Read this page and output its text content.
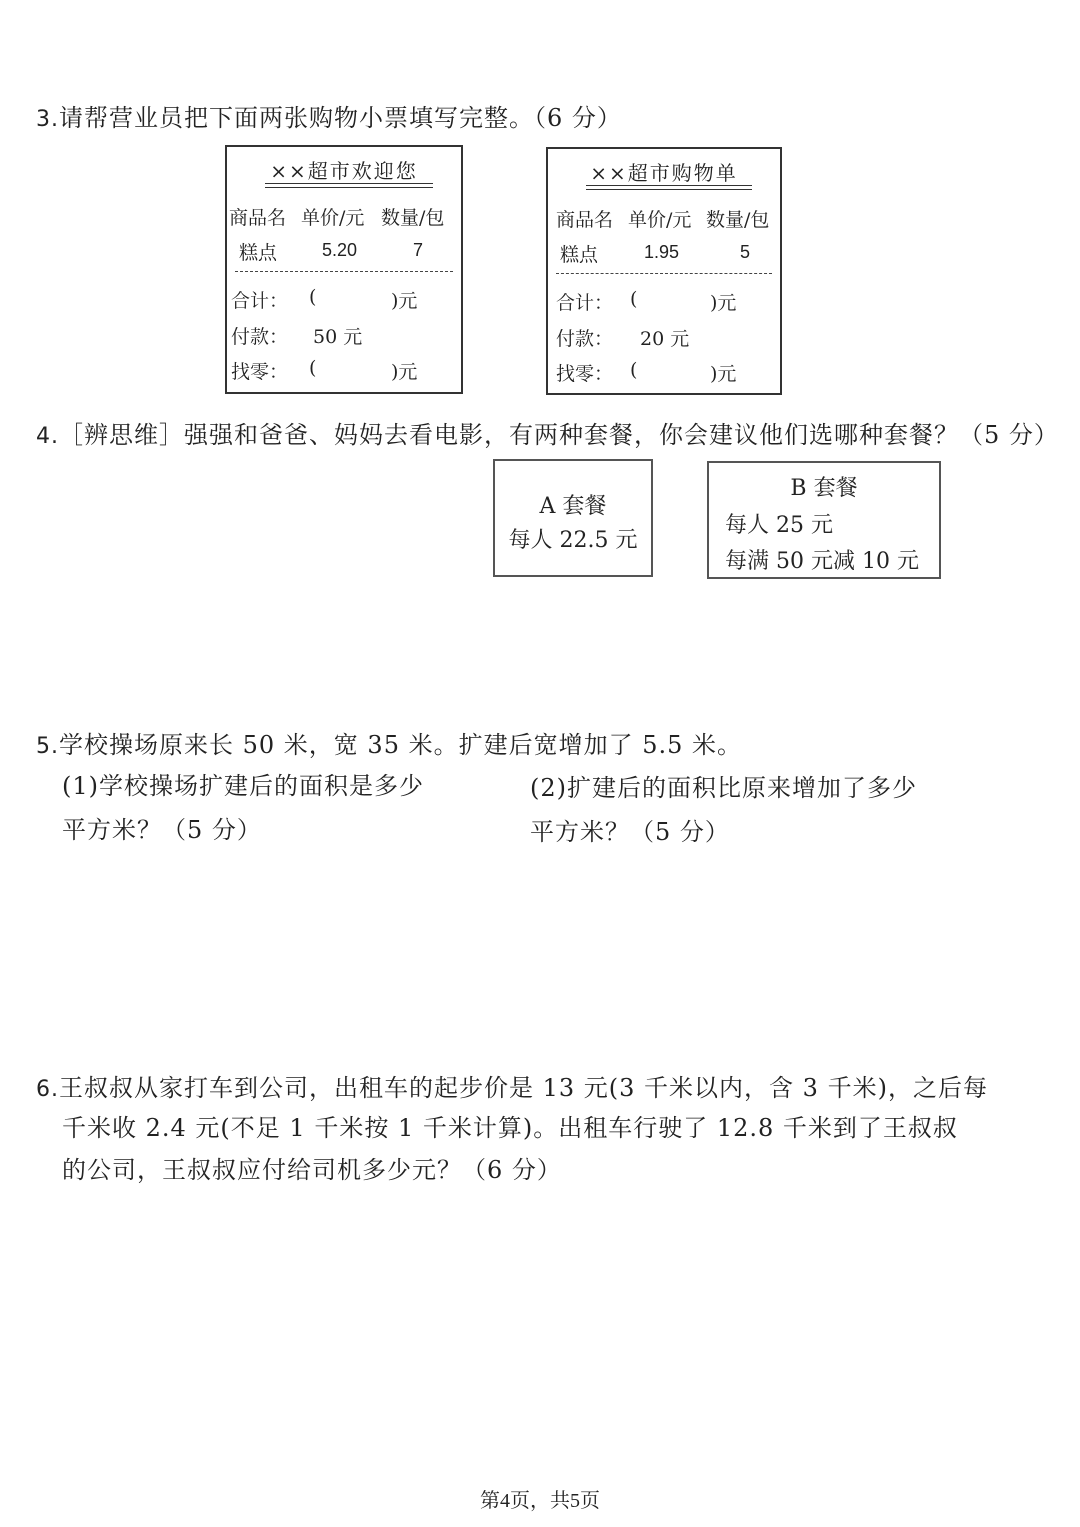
3.请帮营业员把下面两张购物小票填写完整。（6 分）
××超市欢迎您
商品名 单价/元 数量/包
糕点 5.20	7
合计： (	)元
付款： 50 元
找零： (	)元
××超市购物单
商品名 单价/元 数量/包
糕点	1.95	5
合计： (	)元
付款： 20 元
找零： (	)元
4.［辨思维］强强和爸爸、妈妈去看电影，有两种套餐，你会建议他们选哪种套餐？（5 分）
A 套餐
每人 22.5 元
B 套餐
每人 25 元
每满 50 元减 10 元
5.学校操场原来长 50 米，宽 35 米。扩建后宽增加了 5.5 米。
(1)学校操场扩建后的面积是多少
平方米？（5 分）
(2)扩建后的面积比原来增加了多少
平方米？（5 分）
6.王叔叔从家打车到公司，出租车的起步价是 13 元(3 千米以内，含 3 千米)，之后每
千米收 2.4 元(不足 1 千米按 1 千米计算)。出租车行驶了 12.8 千米到了王叔叔
的公司，王叔叔应付给司机多少元？（6 分）
第4页，共5页
